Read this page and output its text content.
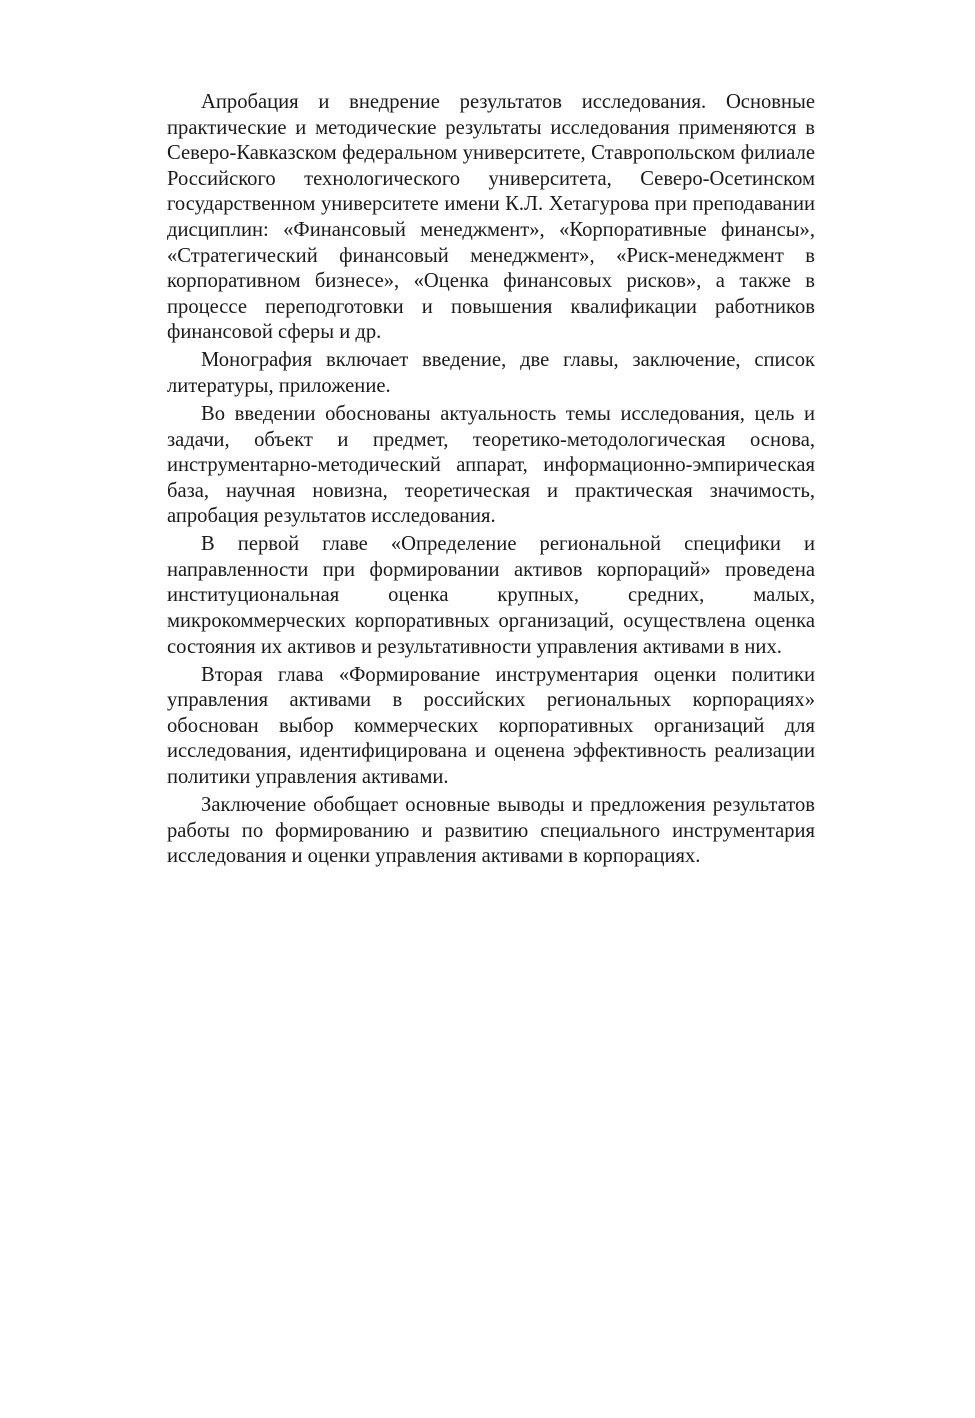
Апробация и внедрение результатов исследования. Основные практические и методические результаты исследования применяются в Северо-Кавказском федеральном университете, Ставропольском филиале Российского технологического университета, Северо-Осетинском государственном университете имени К.Л. Хетагурова при преподавании дисциплин: «Финансовый менеджмент», «Корпоративные финансы», «Стратегический финансовый менеджмент», «Риск-менеджмент в корпоративном бизнесе», «Оценка финансовых рисков», а также в процессе переподготовки и повышения квалификации работников финансовой сферы и др.

Монография включает введение, две главы, заключение, список литературы, приложение.

Во введении обоснованы актуальность темы исследования, цель и задачи, объект и предмет, теоретико-методологическая основа, инструментарно-методический аппарат, информационно-эмпирическая база, научная новизна, теоретическая и практическая значимость, апробация результатов исследования.

В первой главе «Определение региональной специфики и направленности при формировании активов корпораций» проведена институциональная оценка крупных, средних, малых, микрокоммерческих корпоративных организаций, осуществлена оценка состояния их активов и результативности управления активами в них.

Вторая глава «Формирование инструментария оценки политики управления активами в российских региональных корпорациях» обоснован выбор коммерческих корпоративных организаций для исследования, идентифицирована и оценена эффективность реализации политики управления активами.

Заключение обобщает основные выводы и предложения результатов работы по формированию и развитию специального инструментария исследования и оценки управления активами в корпорациях.
